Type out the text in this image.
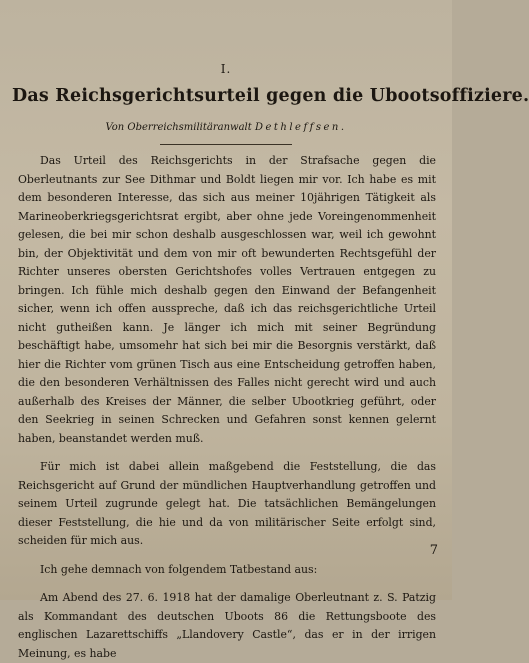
I.
Das Reichsgerichtsurteil gegen die Ubootsoffiziere.
Von Oberreichsmilitäranwalt Dethleffsen.

Das Urteil des Reichsgerichts in der Strafsache gegen die Oberleutnants zur See Dithmar und Boldt liegen mir vor. Ich habe es mit dem besonderen Interesse, das sich aus meiner 10jährigen Tätigkeit als Marineoberkriegsgerichtsrat ergibt, aber ohne jede Voreingenommenheit gelesen, die bei mir schon deshalb ausgeschlossen war, weil ich gewohnt bin, der Objektivität und dem von mir oft bewunderten Rechtsgefühl der Richter unseres obersten Gerichtshofes volles Vertrauen entgegen zu bringen. Ich fühle mich deshalb gegen den Einwand der Befangenheit sicher, wenn ich offen ausspreche, daß ich das reichsgerichtliche Urteil nicht gutheißen kann. Je länger ich mich mit seiner Begründung beschäftigt habe, umsomehr hat sich bei mir die Besorgnis verstärkt, daß hier die Richter vom grünen Tisch aus eine Entscheidung getroffen haben, die den besonderen Verhältnissen des Falles nicht gerecht wird und auch außerhalb des Kreises der Männer, die selber Ubootkrieg geführt, oder den Seekrieg in seinen Schrecken und Gefahren sonst kennen gelernt haben, beanstandet werden muß.

Für mich ist dabei allein maßgebend die Feststellung, die das Reichsgericht auf Grund der mündlichen Hauptverhandlung getroffen und seinem Urteil zugrunde gelegt hat. Die tatsächlichen Bemängelungen dieser Feststellung, die hie und da von militärischer Seite erfolgt sind, scheiden für mich aus.

Ich gehe demnach von folgendem Tatbestand aus:

Am Abend des 27. 6. 1918 hat der damalige Oberleutnant z. S. Patzig als Kommandant des deutschen Uboots 86 die Rettungsboote des englischen Lazarettschiffs „Llandovery Castle“, das er in der irrigen Meinung, es habe

7
